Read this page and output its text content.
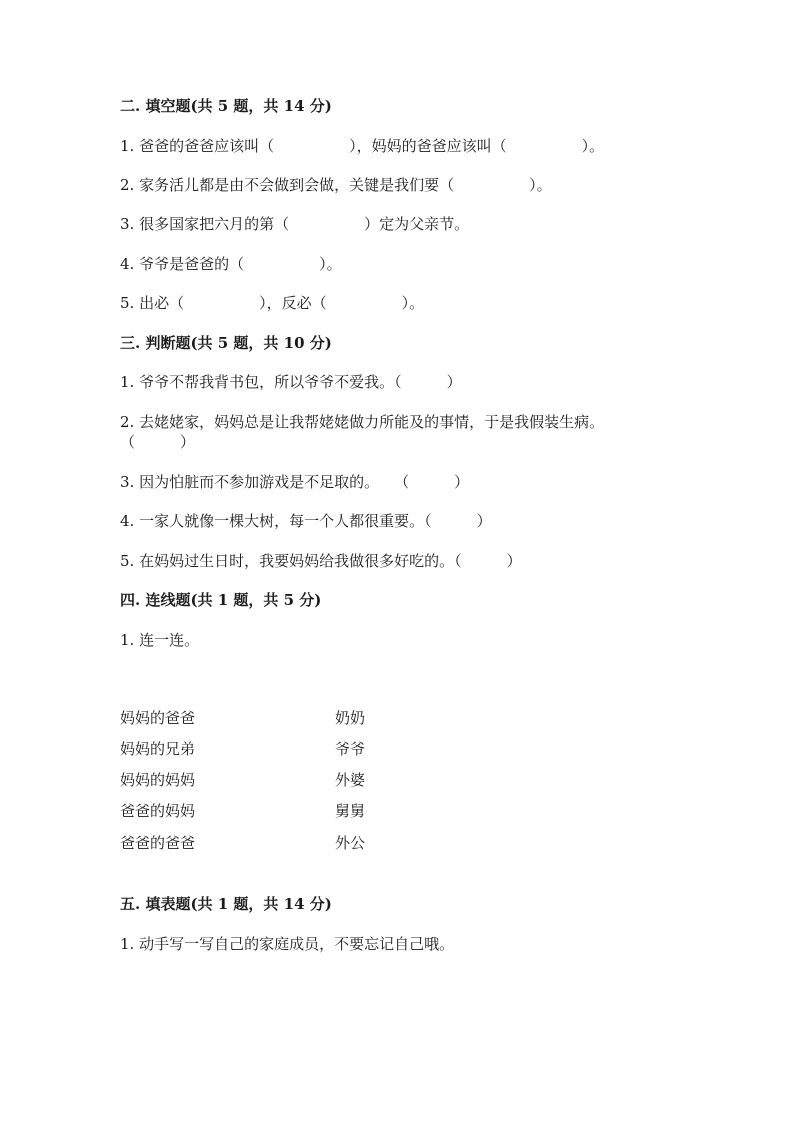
二. 填空题(共 5 题，共 14 分)
1. 爸爸的爸爸应该叫（　　　　　），妈妈的爸爸应该叫（　　　　　）。
2. 家务活儿都是由不会做到会做，关键是我们要（　　　　　）。
3. 很多国家把六月的第（　　　　　）定为父亲节。
4. 爷爷是爸爸的（　　　　　）。
5. 出必（　　　　　），反必（　　　　　）。
三. 判断题(共 5 题，共 10 分)
1. 爷爷不帮我背书包，所以爷爷不爱我。（　　　）
2. 去姥姥家，妈妈总是让我帮姥姥做力所能及的事情，于是我假装生病。
（　　　）
3. 因为怕脏而不参加游戏是不足取的。　　（　　　）
4. 一家人就像一棵大树，每一个人都很重要。（　　　）
5. 在妈妈过生日时，我要妈妈给我做很多好吃的。（　　　）
四. 连线题(共 1 题，共 5 分)
1. 连一连。
妈妈的爸爸
妈妈的兄弟
妈妈的妈妈
爸爸的妈妈
爸爸的爸爸
奶奶
爷爷
外婆
舅舅
外公
五. 填表题(共 1 题，共 14 分)
1. 动手写一写自己的家庭成员，不要忘记自己哦。
